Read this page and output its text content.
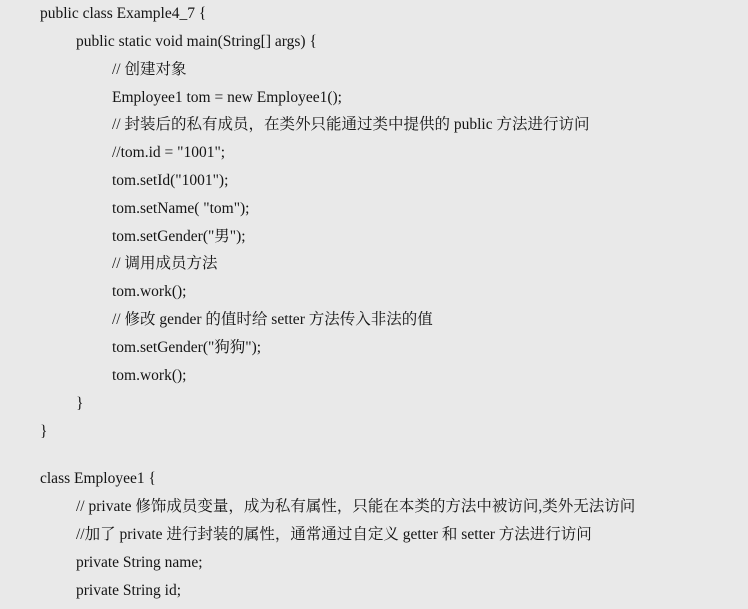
public class Example4_7 {
public static void main(String[] args) {
// 创建对象
Employee1 tom = new Employee1();
// 封装后的私有成员，在类外只能通过类中提供的 public 方法进行访问
//tom.id = "1001";
tom.setId("1001");
tom.setName( "tom");
tom.setGender("男");
// 调用成员方法
tom.work();
// 修改 gender 的值时给 setter 方法传入非法的值
tom.setGender("狗狗");
tom.work();
}
}
class Employee1 {
// private 修饰成员变量，成为私有属性，只能在本类的方法中被访问,类外无法访问
//加了 private 进行封装的属性，通常通过自定义 getter 和 setter 方法进行访问
private String name;
private String id;
